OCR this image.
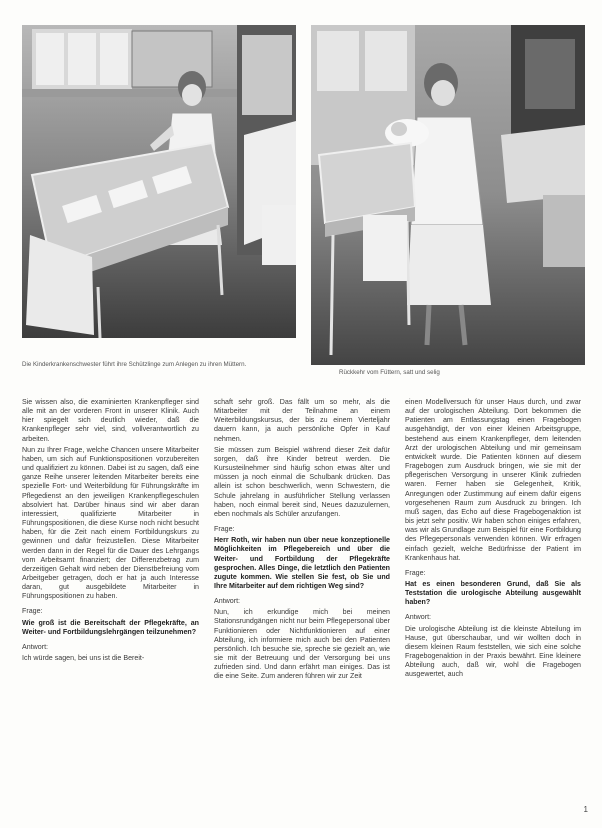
Die Kinderkrankenschwester führt ihre Schützlinge zum Anlegen zu ihren Müttern.
Rückkehr vom Füttern, satt und selig

Sie wissen also, die examinierten Krankenpfleger sind alle mit an der vorderen Front in unserer Klinik. Auch hier spiegelt sich deutlich wieder, daß die Krankenpfleger sehr viel, sind, vollverantwortlich zu arbeiten.

Nun zu Ihrer Frage, welche Chancen unsere Mitarbeiter haben, um sich auf Funktionspositionen vorzubereiten und qualifiziert zu können. Dabei ist zu sagen, daß eine ganze Reihe unserer leitenden Mitarbeiter bereits eine spezielle Fort- und Weiterbildung für Führungskräfte im Pflegedienst an den jeweiligen Krankenpflegeschulen absolviert hat. Darüber hinaus sind wir aber daran interessiert, qualifizierte Mitarbeiter in Führungspositionen, die diese Kurse noch nicht besucht haben, für die Zeit nach einem Fortbildungskurs zu gewinnen und dafür freizustellen. Diese Mitarbeiter werden dann in der Regel für die Dauer des Lehrgangs vom Arbeitsamt finanziert; der Differenzbetrag zum derzeitigen Gehalt wird neben der Dienstbefreiung vom Arbeitgeber getragen, doch er hat ja auch Interesse daran, gut ausgebildete Mitarbeiter in Führungspositionen zu haben.

Frage:

Wie groß ist die Bereitschaft der Pflegekräfte, an Weiter- und Fortbildungslehrgängen teilzunehmen?

Antwort:

Ich würde sagen, bei uns ist die Bereit-

schaft sehr groß. Das fällt um so mehr, als die Mitarbeiter mit der Teilnahme an einem Weiterbildungskursus, der bis zu einem Vierteljahr dauern kann, ja auch persönliche Opfer in Kauf nehmen.

Sie müssen zum Beispiel während dieser Zeit dafür sorgen, daß ihre Kinder betreut werden. Die Kursusteilnehmer sind häufig schon etwas älter und müssen ja noch einmal die Schulbank drücken. Das allein ist schon beschwerlich, wenn Schwestern, die Schule jahrelang in ausführlicher Stellung verlassen haben, noch einmal bereit sind, Neues dazuzulernen, eben nochmals als Schüler anzufangen.

Frage:

Herr Roth, wir haben nun über neue konzeptionelle Möglichkeiten im Pflegebereich und über die Weiter- und Fortbildung der Pflegekräfte gesprochen. Alles Dinge, die letztlich den Patienten zugute kommen. Wie stellen Sie fest, ob Sie und Ihre Mitarbeiter auf dem richtigen Weg sind?

Antwort:

Nun, ich erkundige mich bei meinen Stationsrundgängen nicht nur beim Pflegepersonal über Funktionieren oder Nichtfunktionieren auf einer Abteilung, ich informiere mich auch bei den Patienten persönlich. Ich besuche sie, spreche sie gezielt an, wie sie mit der Betreuung und der Versorgung bei uns zufrieden sind. Und dann erfährt man einiges. Das ist die eine Seite. Zum anderen führen wir zur Zeit

einen Modellversuch für unser Haus durch, und zwar auf der urologischen Abteilung. Dort bekommen die Patienten am Entlassungstag einen Fragebogen ausgehändigt, der von einer kleinen Arbeitsgruppe, bestehend aus einem Krankenpfleger, dem leitenden Arzt der urologischen Abteilung und mir gemeinsam entwickelt wurde. Die Patienten können auf diesem Fragebogen zum Ausdruck bringen, wie sie mit der pflegerischen Versorgung in unserer Klinik zufrieden waren. Ferner haben sie Gelegenheit, Kritik, Anregungen oder Zustimmung auf einem dafür eigens vorgesehenen Raum zum Ausdruck zu bringen. Ich muß sagen, das Echo auf diese Fragebogenaktion ist bis jetzt sehr positiv. Wir haben schon einiges erfahren, was wir als Grundlage zum Beispiel für eine Fortbildung des Pflegepersonals verwenden können. Wir erfragen einfach gezielt, welche Bedürfnisse der Patient im Krankenhaus hat.

Frage:

Hat es einen besonderen Grund, daß Sie als Teststation die urologische Abteilung ausgewählt haben?

Antwort:

Die urologische Abteilung ist die kleinste Abteilung im Hause, gut überschaubar, und wir wollten doch in diesem kleinen Raum feststellen, wie sich eine solche Fragebogenaktion in der Praxis bewährt. Eine kleinere Abteilung auch, daß wir, wohl die Fragebogen ausgewertet, auch

1
